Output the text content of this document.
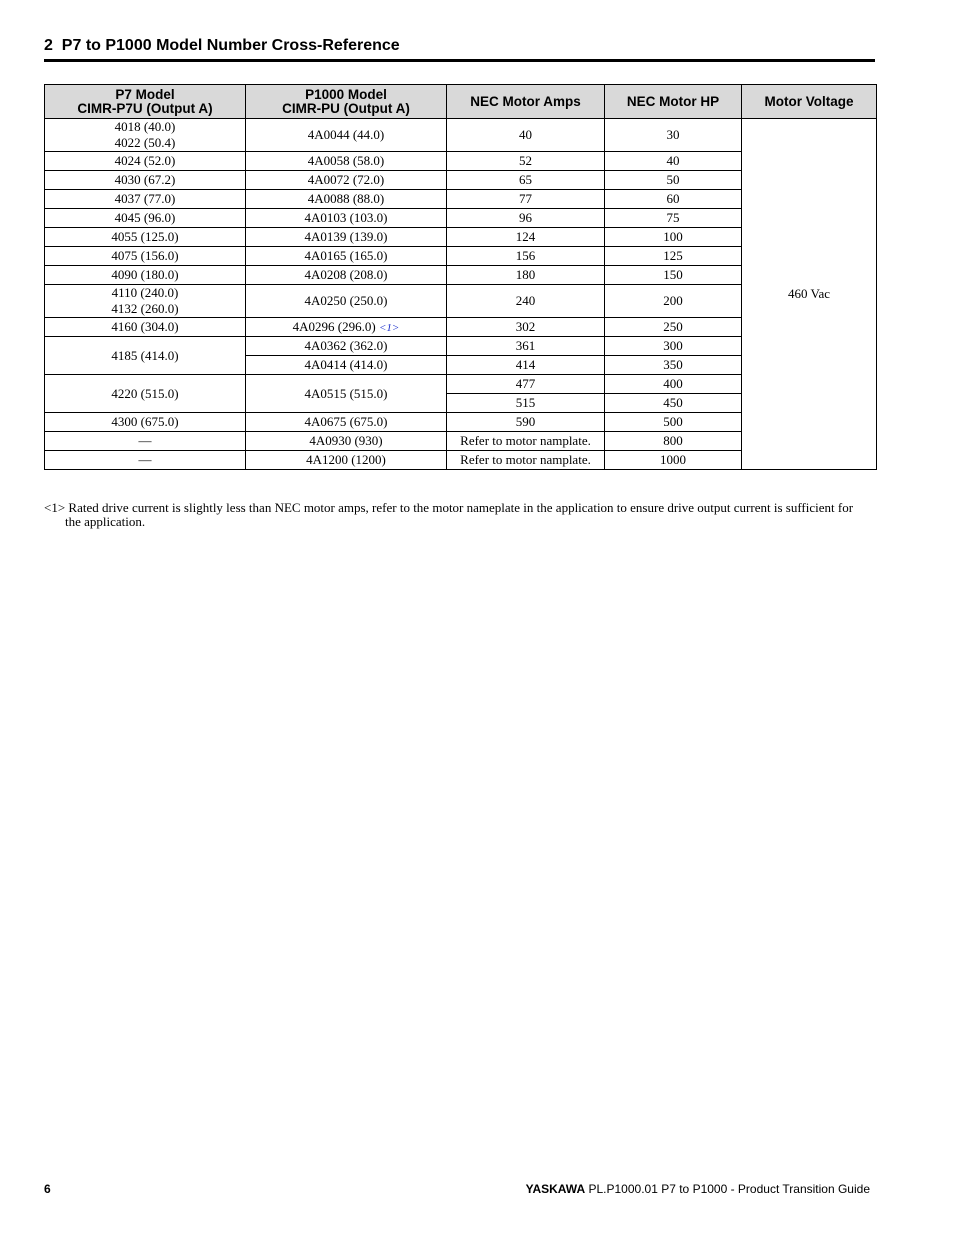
2 P7 to P1000 Model Number Cross-Reference
P7 Model
CIMR-P7U (Output A)	P1000 Model
CIMR-PU (Output A)	NEC Motor Amps	NEC Motor HP	Motor Voltage

4018 (40.0)
4022 (50.4)	4A0044 (44.0)	40	30	460 Vac
4024 (52.0)	4A0058 (58.0)	52	40	
4030 (67.2)	4A0072 (72.0)	65	50	
4037 (77.0)	4A0088 (88.0)	77	60	
4045 (96.0)	4A0103 (103.0)	96	75	
4055 (125.0)	4A0139 (139.0)	124	100	
4075 (156.0)	4A0165 (165.0)	156	125	
4090 (180.0)	4A0208 (208.0)	180	150	

4110 (240.0)
4132 (260.0)	4A0250 (250.0)	240	200	
4160 (304.0)	4A0296 (296.0) <1>	302	250	
4185 (414.0)	4A0362 (362.0)	361	300	
	4A0414 (414.0)	414	350	
4220 (515.0)	4A0515 (515.0)	477	400	
		515	450	
4300 (675.0)	4A0675 (675.0)	590	500	
—	4A0930 (930)	Refer to motor namplate.	800	
—	4A1200 (1200)	Refer to motor namplate.	1000	
<1> Rated drive current is slightly less than NEC motor amps, refer to the motor nameplate in the application to ensure drive output current is sufficient for the application.
6	YASKAWA PL.P1000.01 P7 to P1000 - Product Transition Guide
